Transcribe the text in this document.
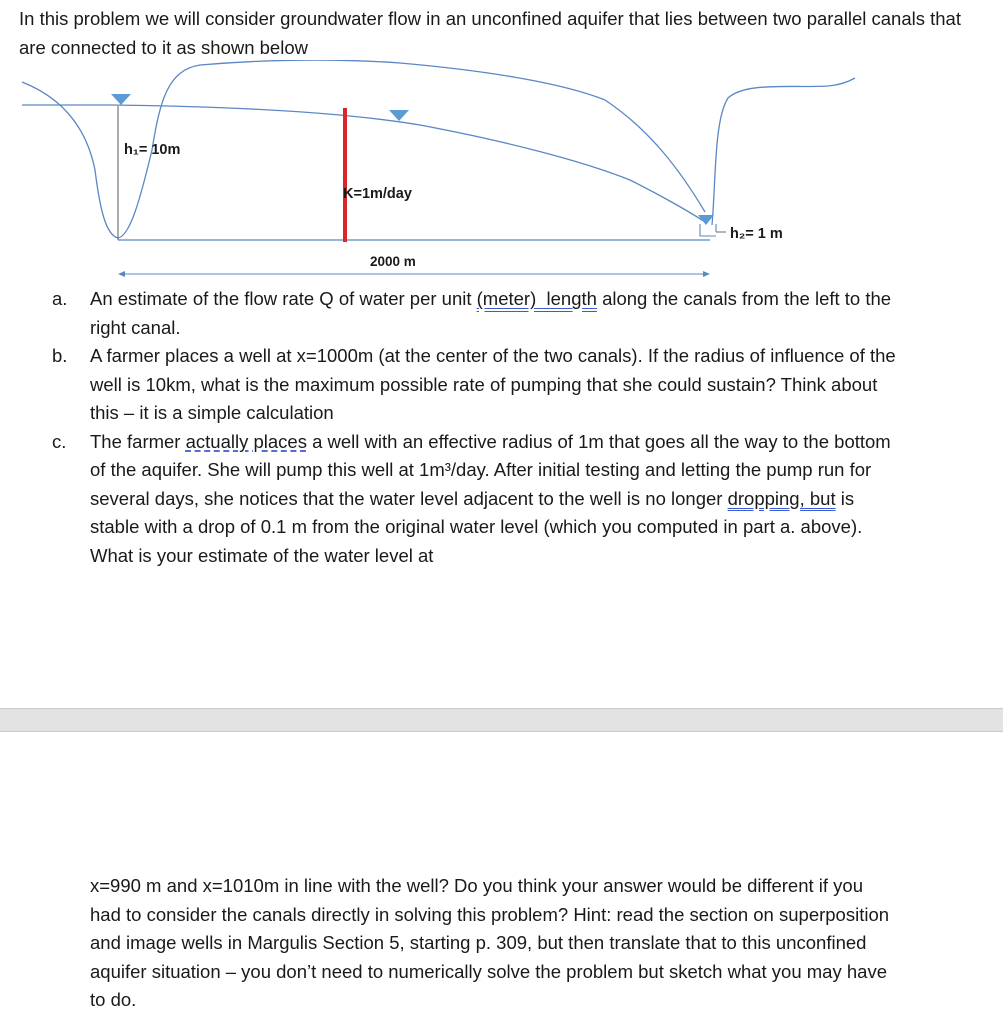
In this problem we will consider groundwater flow in an unconfined aquifer that lies between two parallel canals that are connected to it as shown below

h₁= 10m
K=1m/day
h₂= 1 m
2000 m
a. An estimate of the flow rate Q of water per unit (meter)  length along the canals from the left to the right canal.
b. A farmer places a well at x=1000m (at the center of the two canals). If the radius of influence of the well is 10km, what is the maximum possible rate of pumping that she could sustain? Think about this – it is a simple calculation
c. The farmer actually places a well with an effective radius of 1m that goes all the way to the bottom of the aquifer. She will pump this well at 1m³/day. After initial testing and letting the pump run for several days, she notices that the water level adjacent to the well is no longer dropping, but is stable with a drop of 0.1 m from the original water level (which you computed in part a. above). What is your estimate of the water level at

x=990 m and x=1010m in line with the well? Do you think your answer would be different if you had to consider the canals directly in solving this problem? Hint: read the section on superposition and image wells in Margulis Section 5, starting p. 309, but then translate that to this unconfined aquifer situation – you don’t need to numerically solve the problem but sketch what you may have to do.
